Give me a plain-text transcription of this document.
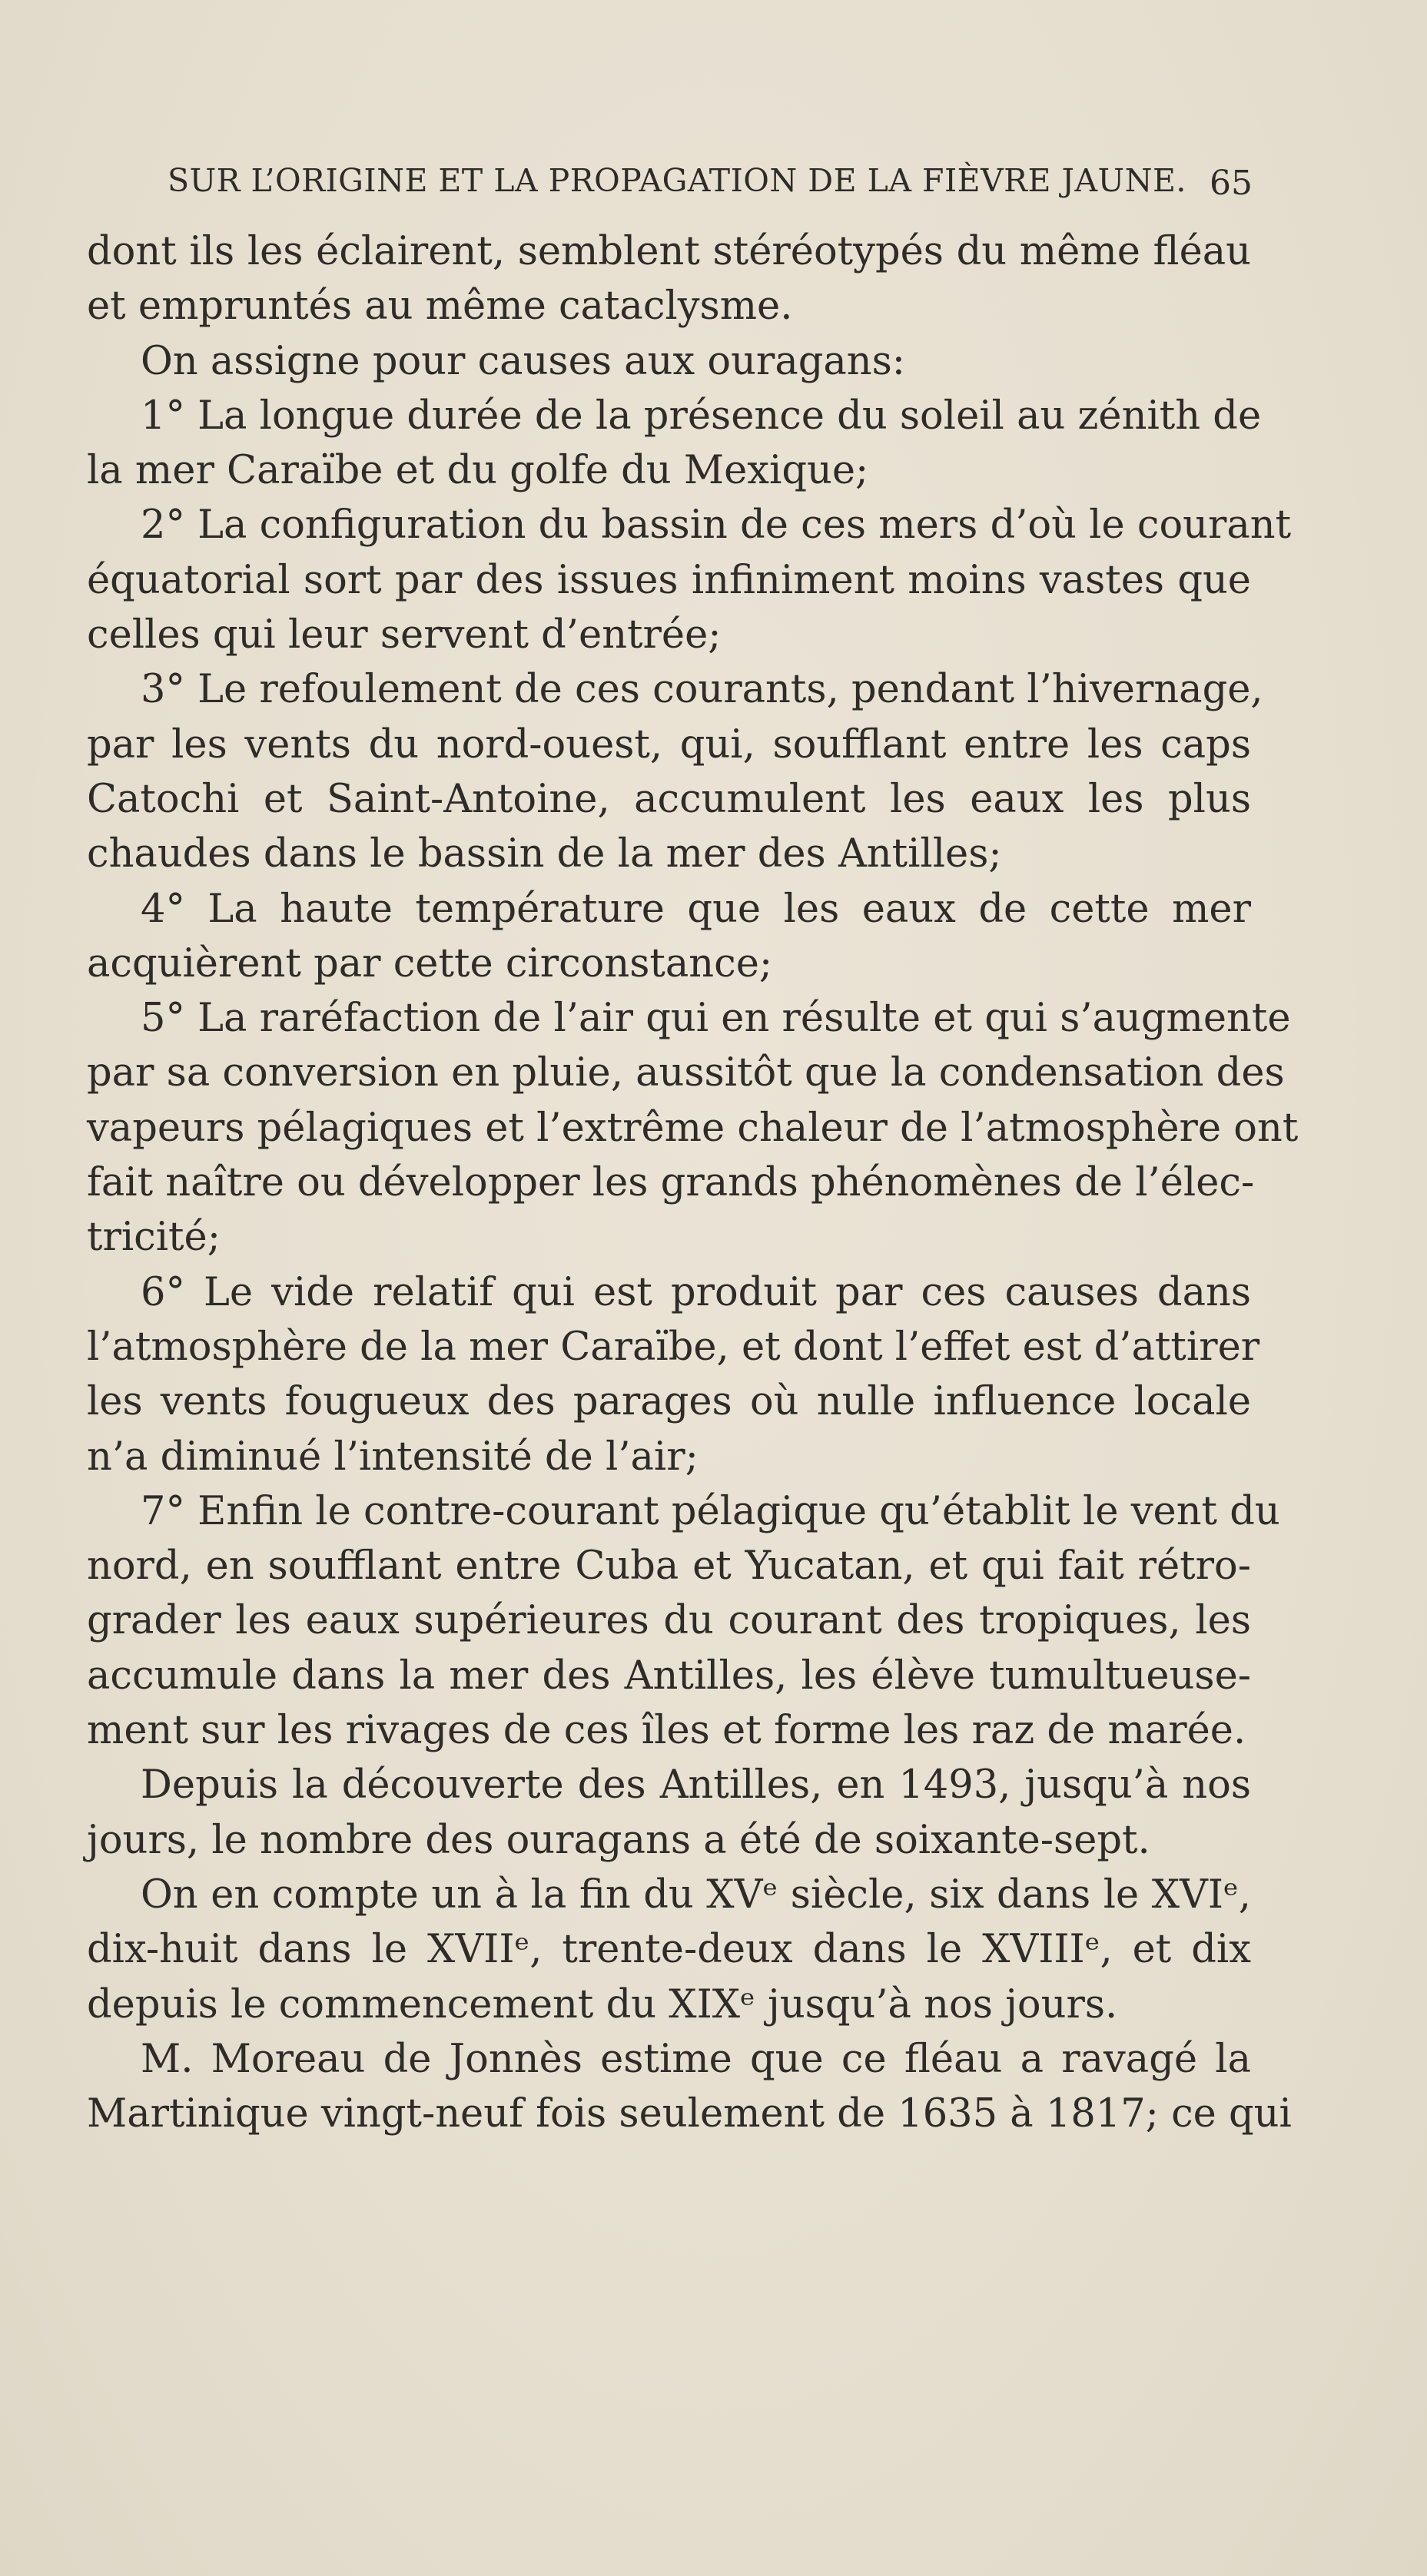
SUR L’ORIGINE ET LA PROPAGATION DE LA FIÈVRE JAUNE. 65
dont ils les éclairent, semblent stéréotypés du même fléau
et empruntés au même cataclysme.
On assigne pour causes aux ouragans:
1° La longue durée de la présence du soleil au zénith de
la mer Caraïbe et du golfe du Mexique;
2° La configuration du bassin de ces mers d’où le courant
équatorial sort par des issues infiniment moins vastes que
celles qui leur servent d’entrée;
3° Le refoulement de ces courants, pendant l’hivernage,
par les vents du nord-ouest, qui, soufflant entre les caps
Catochi et Saint-Antoine, accumulent les eaux les plus
chaudes dans le bassin de la mer des Antilles;
4° La haute température que les eaux de cette mer
acquièrent par cette circonstance;
5° La raréfaction de l’air qui en résulte et qui s’augmente
par sa conversion en pluie, aussitôt que la condensation des
vapeurs pélagiques et l’extrême chaleur de l’atmosphère ont
fait naître ou développer les grands phénomènes de l’élec-
tricité;
6° Le vide relatif qui est produit par ces causes dans
l’atmosphère de la mer Caraïbe, et dont l’effet est d’attirer
les vents fougueux des parages où nulle influence locale
n’a diminué l’intensité de l’air;
7° Enfin le contre-courant pélagique qu’établit le vent du
nord, en soufflant entre Cuba et Yucatan, et qui fait rétro-
grader les eaux supérieures du courant des tropiques, les
accumule dans la mer des Antilles, les élève tumultueuse-
ment sur les rivages de ces îles et forme les raz de marée.
Depuis la découverte des Antilles, en 1493, jusqu’à nos
jours, le nombre des ouragans a été de soixante-sept.
On en compte un à la fin du XVᵉ siècle, six dans le XVIᵉ,
dix-huit dans le XVIIᵉ, trente-deux dans le XVIIIᵉ, et dix
depuis le commencement du XIXᵉ jusqu’à nos jours.
M. Moreau de Jonnès estime que ce fléau a ravagé la
Martinique vingt-neuf fois seulement de 1635 à 1817; ce qui
